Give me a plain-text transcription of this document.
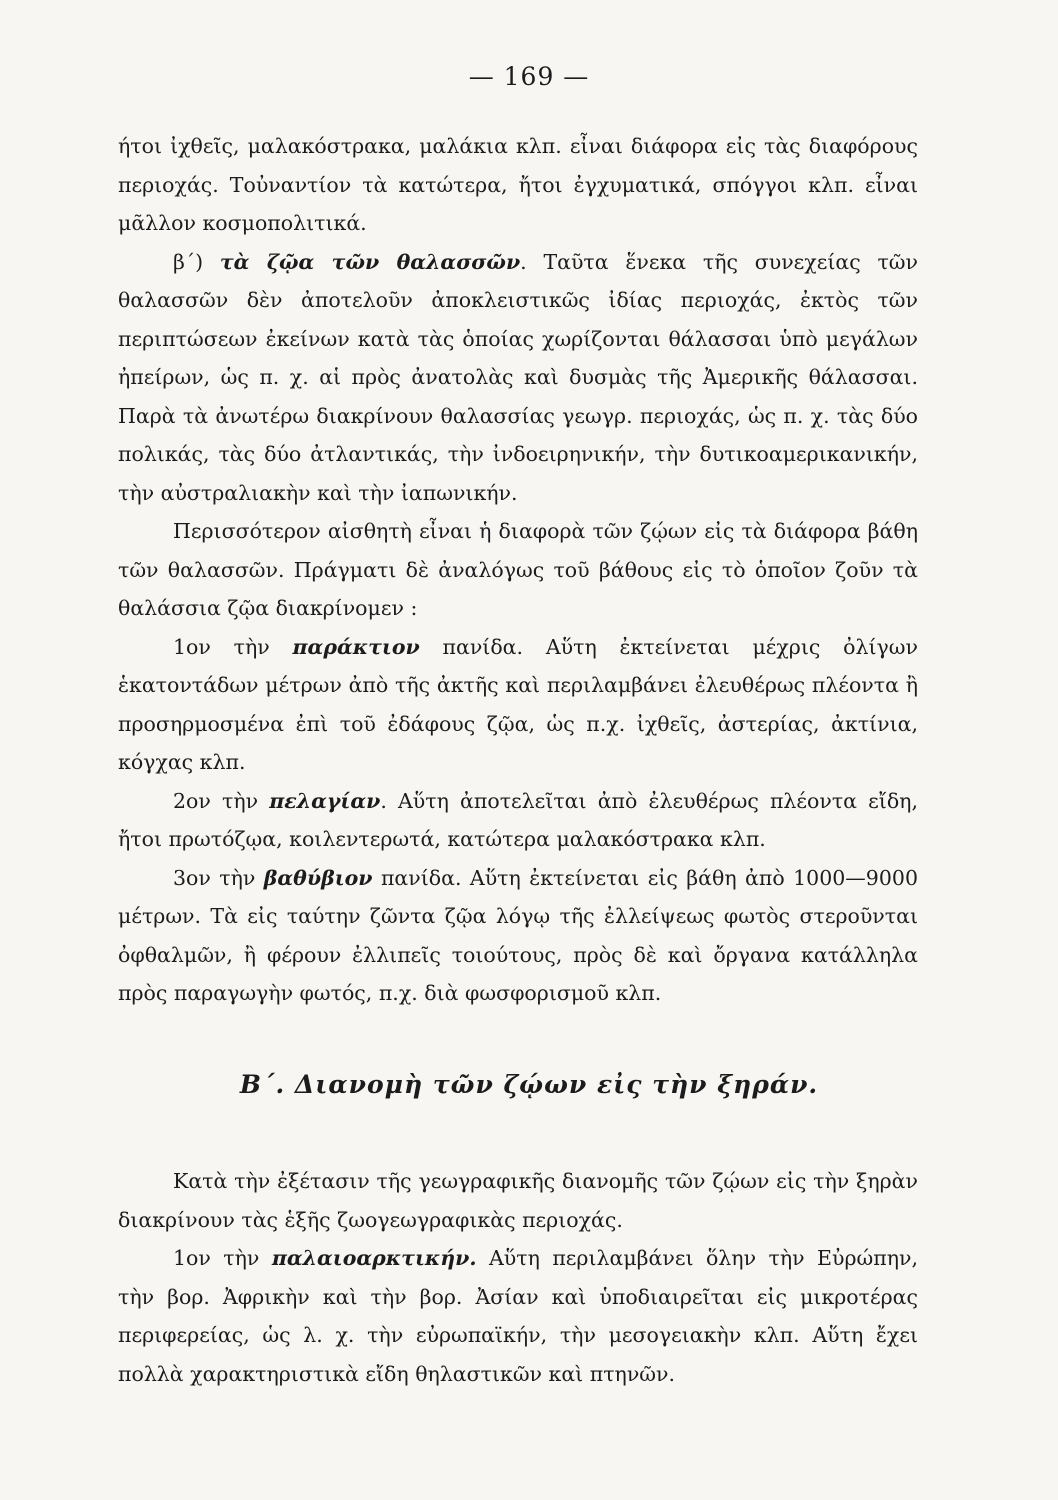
— 169 —

ήτοι ἰχθεῖς, μαλακόστρακα, μαλάκια κλπ. εἶναι διάφορα εἰς τὰς διαφόρους περιοχάς. Τοὐναντίον τὰ κατώτερα, ἤτοι ἐγχυματικά, σπόγγοι κλπ. εἶναι μᾶλλον κοσμοπολιτικά.

β΄) τὰ ζῷα τῶν θαλασσῶν. Ταῦτα ἕνεκα τῆς συνεχείας τῶν θαλασσῶν δὲν ἀποτελοῦν ἀποκλειστικῶς ἰδίας περιοχάς, ἐκτὸς τῶν περιπτώσεων ἐκείνων κατὰ τὰς ὁποίας χωρίζονται θάλασσαι ὑπὸ μεγάλων ἠπείρων, ὡς π. χ. αἱ πρὸς ἀνατολὰς καὶ δυσμὰς τῆς Ἀμερικῆς θάλασσαι. Παρὰ τὰ ἀνωτέρω διακρίνουν θαλασσίας γεωγρ. περιοχάς, ὡς π. χ. τὰς δύο πολικάς, τὰς δύο ἀτλαντικάς, τὴν ἰνδοειρηνικήν, τὴν δυτικοαμερικανικήν, τὴν αὐστραλιακὴν καὶ τὴν ἰαπωνικήν.

Περισσότερον αἰσθητὴ εἶναι ἡ διαφορὰ τῶν ζῴων εἰς τὰ διάφορα βάθη τῶν θαλασσῶν. Πράγματι δὲ ἀναλόγως τοῦ βάθους εἰς τὸ ὁποῖον ζοῦν τὰ θαλάσσια ζῷα διακρίνομεν :

1ον τὴν παράκτιον πανίδα. Αὕτη ἐκτείνεται μέχρις ὀλίγων ἑκατοντάδων μέτρων ἀπὸ τῆς ἀκτῆς καὶ περιλαμβάνει ἐλευθέρως πλέοντα ἢ προσηρμοσμένα ἐπὶ τοῦ ἐδάφους ζῷα, ὡς π.χ. ἰχθεῖς, ἀστερίας, ἀκτίνια, κόγχας κλπ.

2ον τὴν πελαγίαν. Αὕτη ἀποτελεῖται ἀπὸ ἐλευθέρως πλέοντα εἴδη, ἤτοι πρωτόζῳα, κοιλεντερωτά, κατώτερα μαλακόστρακα κλπ.

3ον τὴν βαθύβιον πανίδα. Αὕτη ἐκτείνεται εἰς βάθη ἀπὸ 1000—9000 μέτρων. Τὰ εἰς ταύτην ζῶντα ζῷα λόγῳ τῆς ἐλλείψεως φωτὸς στεροῦνται ὀφθαλμῶν, ἢ φέρουν ἐλλιπεῖς τοιούτους, πρὸς δὲ καὶ ὄργανα κατάλληλα πρὸς παραγωγὴν φωτός, π.χ. διὰ φωσφορισμοῦ κλπ.

Β΄. Διανομὴ τῶν ζῴων εἰς τὴν ξηράν.

Κατὰ τὴν ἐξέτασιν τῆς γεωγραφικῆς διανομῆς τῶν ζῴων εἰς τὴν ξηρὰν διακρίνουν τὰς ἑξῆς ζωογεωγραφικὰς περιοχάς.

1ον τὴν παλαιοαρκτικήν. Αὕτη περιλαμβάνει ὅλην τὴν Εὐρώπην, τὴν βορ. Ἀφρικὴν καὶ τὴν βορ. Ἀσίαν καὶ ὑποδιαιρεῖται εἰς μικροτέρας περιφερείας, ὡς λ. χ. τὴν εὐρωπαϊκήν, τὴν μεσογειακὴν κλπ. Αὕτη ἔχει πολλὰ χαρακτηριστικὰ εἴδη θηλαστικῶν καὶ πτηνῶν.
